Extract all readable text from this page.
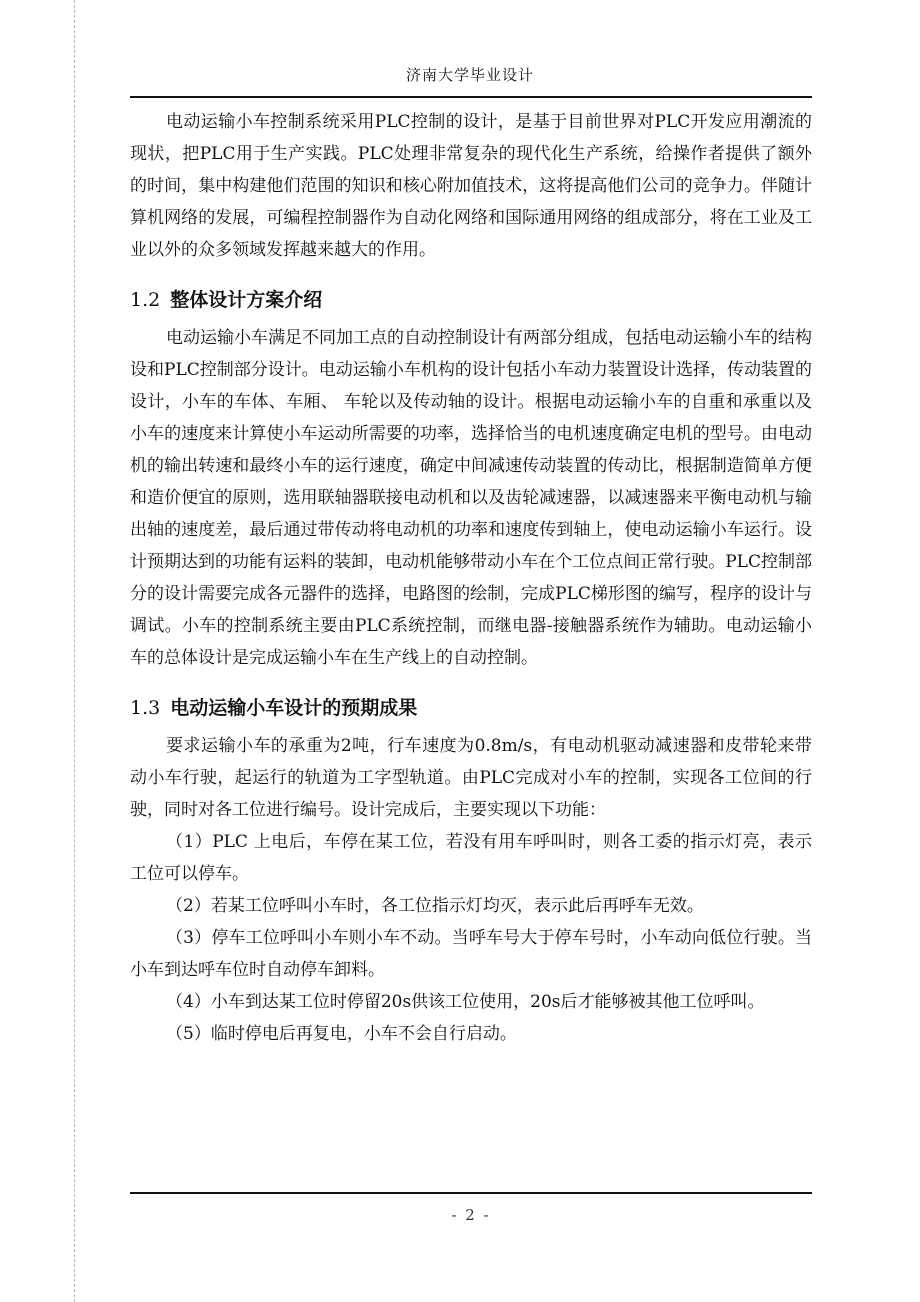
济南大学毕业设计

电动运输小车控制系统采用PLC控制的设计，是基于目前世界对PLC开发应用潮流的现状，把PLC用于生产实践。PLC处理非常复杂的现代化生产系统，给操作者提供了额外的时间，集中构建他们范围的知识和核心附加值技术，这将提高他们公司的竞争力。伴随计算机网络的发展，可编程控制器作为自动化网络和国际通用网络的组成部分，将在工业及工业以外的众多领域发挥越来越大的作用。

1.2 整体设计方案介绍

电动运输小车满足不同加工点的自动控制设计有两部分组成，包括电动运输小车的结构设和PLC控制部分设计。电动运输小车机构的设计包括小车动力装置设计选择，传动装置的设计，小车的车体、车厢、 车轮以及传动轴的设计。根据电动运输小车的自重和承重以及小车的速度来计算使小车运动所需要的功率，选择恰当的电机速度确定电机的型号。由电动机的输出转速和最终小车的运行速度，确定中间减速传动装置的传动比，根据制造简单方便和造价便宜的原则，选用联轴器联接电动机和以及齿轮减速器，以减速器来平衡电动机与输出轴的速度差，最后通过带传动将电动机的功率和速度传到轴上，使电动运输小车运行。设计预期达到的功能有运料的装卸，电动机能够带动小车在个工位点间正常行驶。PLC控制部分的设计需要完成各元器件的选择，电路图的绘制，完成PLC梯形图的编写，程序的设计与调试。小车的控制系统主要由PLC系统控制，而继电器-接触器系统作为辅助。电动运输小车的总体设计是完成运输小车在生产线上的自动控制。

1.3 电动运输小车设计的预期成果

要求运输小车的承重为2吨，行车速度为0.8m/s，有电动机驱动减速器和皮带轮来带动小车行驶，起运行的轨道为工字型轨道。由PLC完成对小车的控制，实现各工位间的行驶，同时对各工位进行编号。设计完成后，主要实现以下功能：

（1）PLC 上电后，车停在某工位，若没有用车呼叫时，则各工委的指示灯亮，表示工位可以停车。

（2）若某工位呼叫小车时，各工位指示灯均灭，表示此后再呼车无效。

（3）停车工位呼叫小车则小车不动。当呼车号大于停车号时，小车动向低位行驶。当小车到达呼车位时自动停车卸料。

（4）小车到达某工位时停留20s供该工位使用，20s后才能够被其他工位呼叫。

（5）临时停电后再复电，小车不会自行启动。

- 2 -
